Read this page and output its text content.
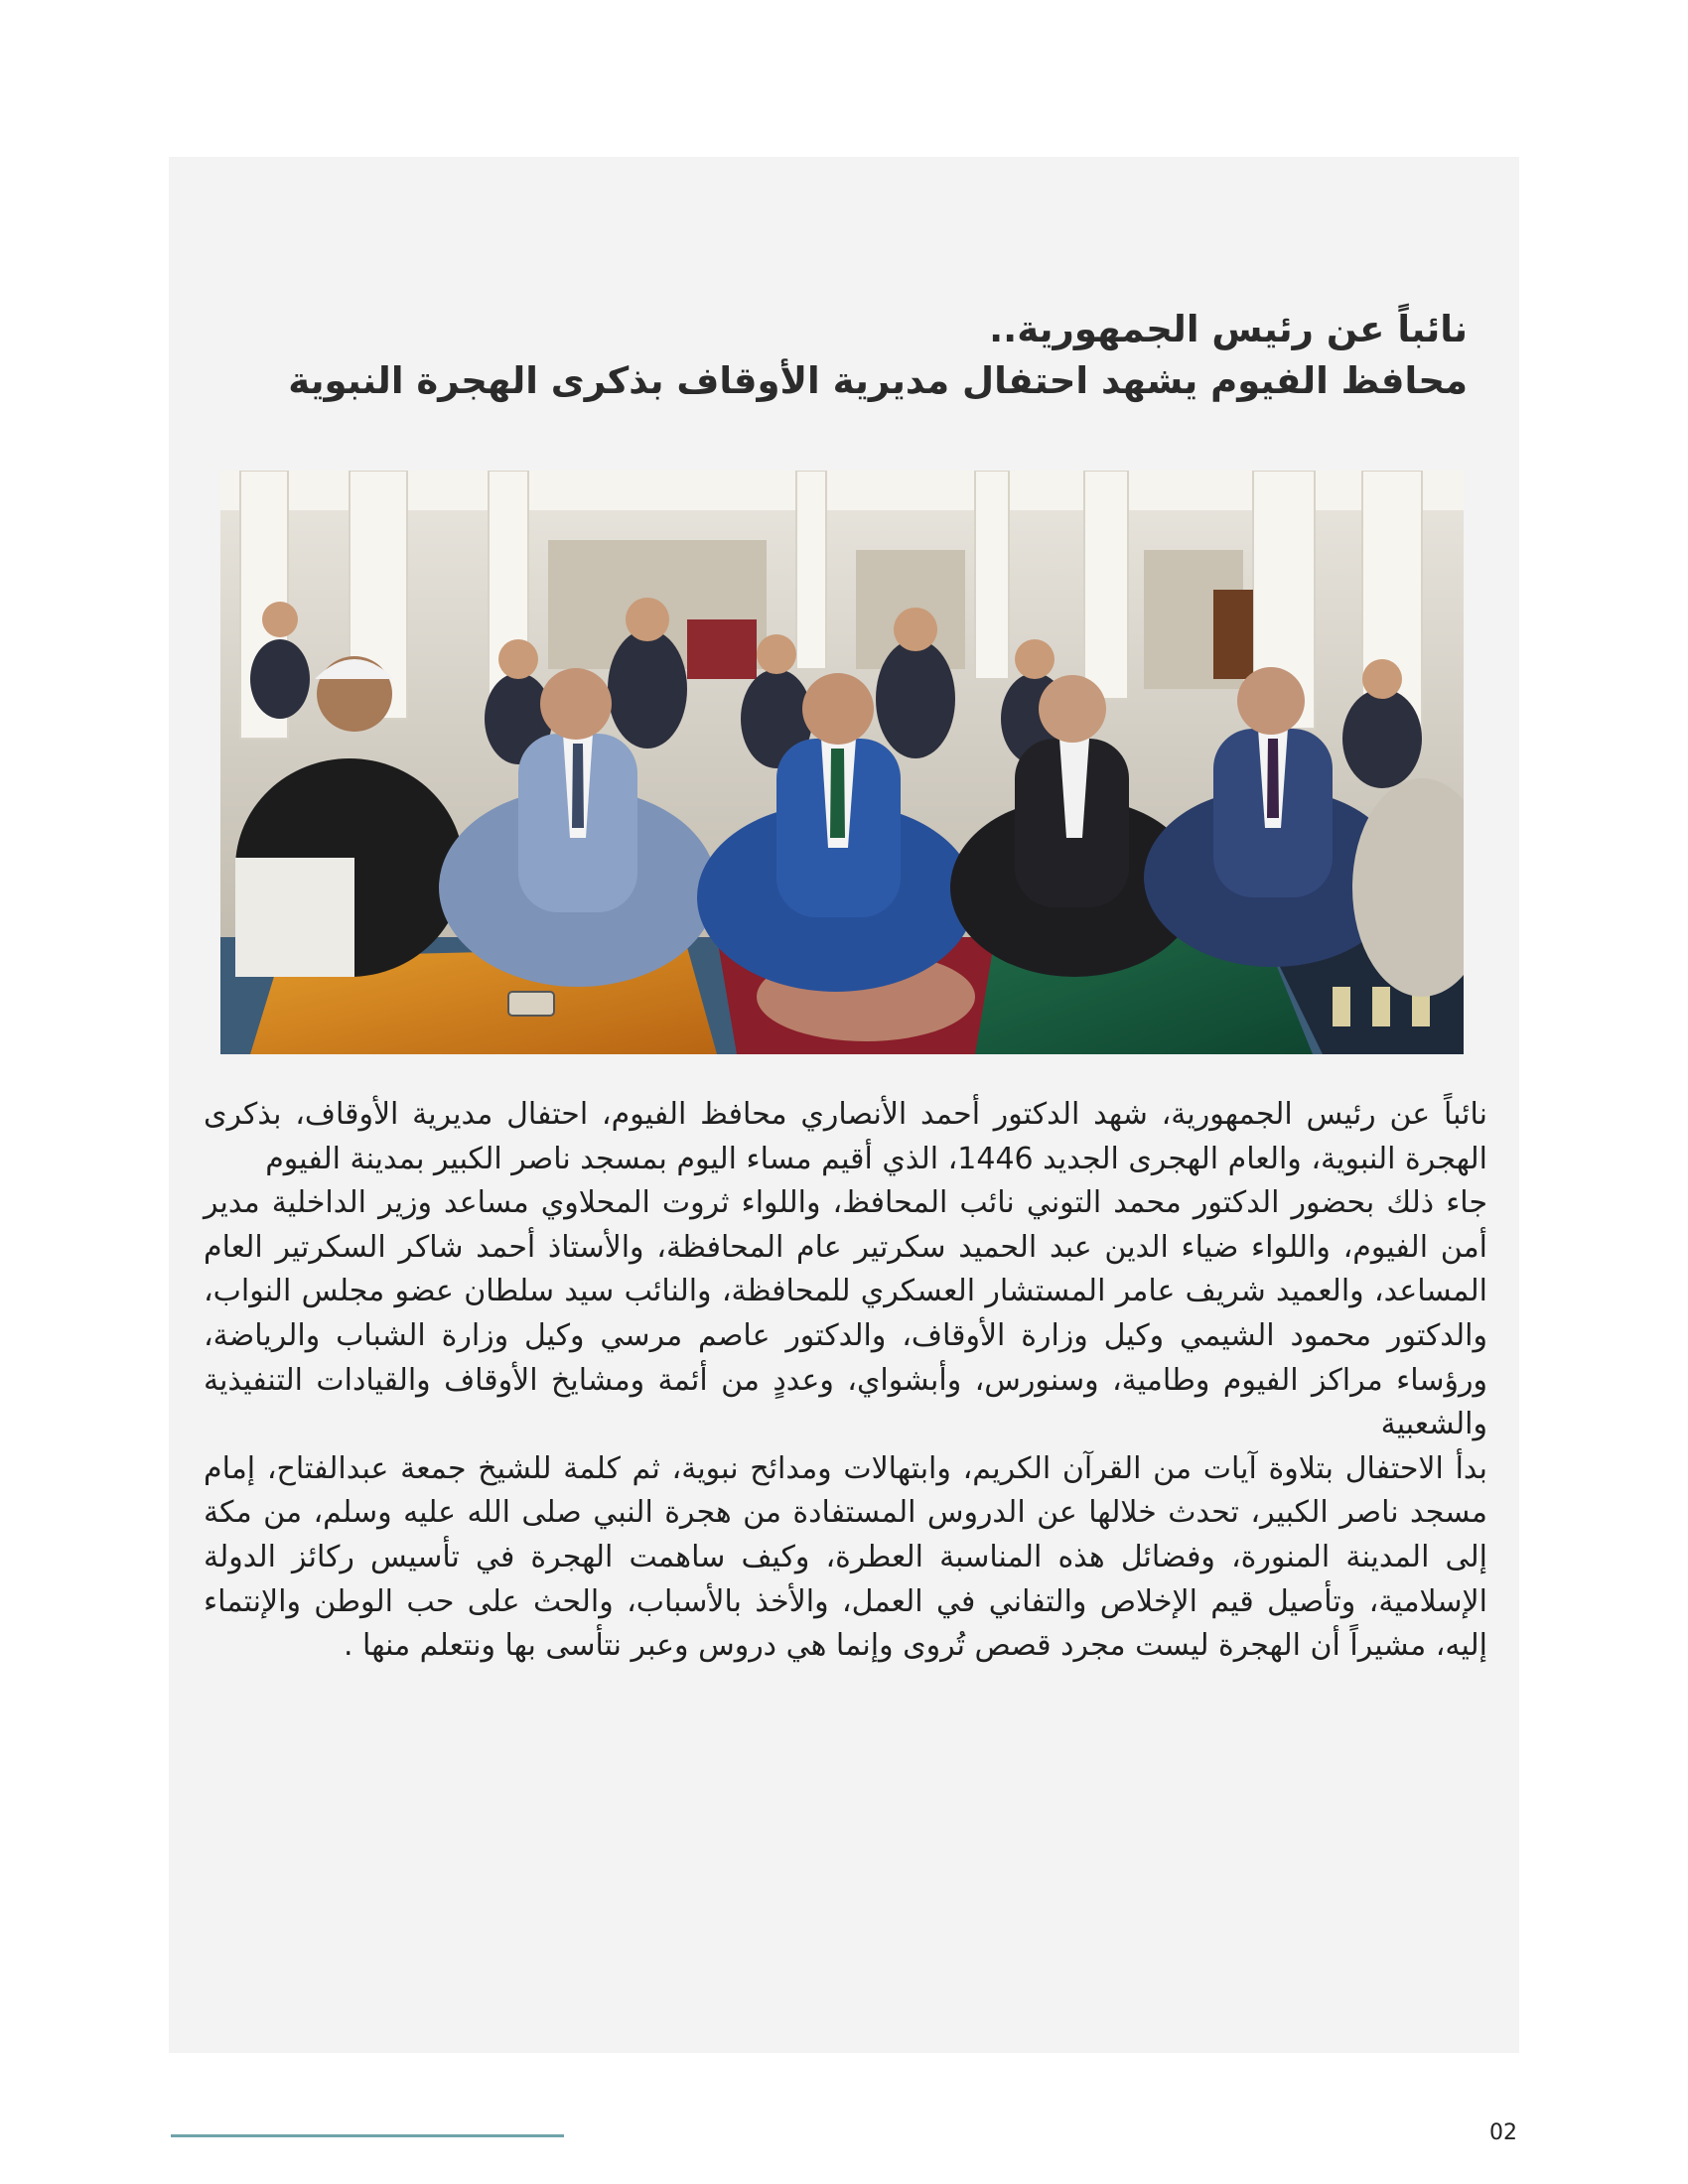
نائباً عن رئيس الجمهورية..
محافظ الفيوم يشهد احتفال مديرية الأوقاف بذكرى الهجرة النبوية

نائباً عن رئيس الجمهورية، شهد الدكتور أحمد الأنصاري محافظ الفيوم، احتفال مديرية الأوقاف، بذكرى الهجرة النبوية، والعام الهجرى الجديد 1446، الذي أقيم مساء اليوم بمسجد ناصر الكبير بمدينة الفيوم

جاء ذلك بحضور الدكتور محمد التوني نائب المحافظ، واللواء ثروت المحلاوي مساعد وزير الداخلية مدير أمن الفيوم، واللواء ضياء الدين عبد الحميد سكرتير عام المحافظة، والأستاذ أحمد شاكر السكرتير العام المساعد، والعميد شريف عامر المستشار العسكري للمحافظة، والنائب سيد سلطان عضو مجلس النواب، والدكتور محمود الشيمي وكيل وزارة الأوقاف، والدكتور عاصم مرسي وكيل وزارة الشباب والرياضة، ورؤساء مراكز الفيوم وطامية، وسنورس، وأبشواي، وعددٍ من أئمة ومشايخ الأوقاف والقيادات التنفيذية والشعبية

بدأ الاحتفال بتلاوة آيات من القرآن الكريم، وابتهالات ومدائح نبوية، ثم كلمة للشيخ جمعة عبدالفتاح، إمام مسجد ناصر الكبير، تحدث خلالها عن الدروس المستفادة من هجرة النبي صلى الله عليه وسلم، من مكة إلى المدينة المنورة، وفضائل هذه المناسبة العطرة، وكيف ساهمت الهجرة في تأسيس ركائز الدولة الإسلامية، وتأصيل قيم الإخلاص والتفاني في العمل، والأخذ بالأسباب، والحث على حب الوطن والإنتماء إليه، مشيراً أن الهجرة ليست مجرد قصص تُروى وإنما هي دروس وعبر نتأسى بها ونتعلم منها .

02
